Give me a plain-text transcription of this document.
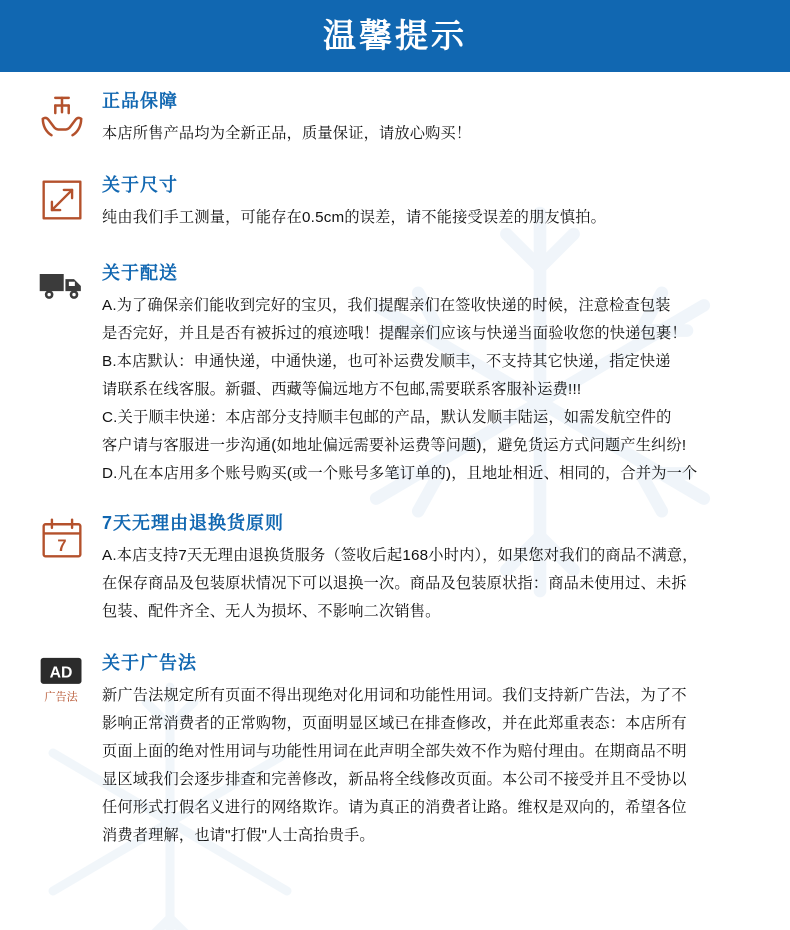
温馨提示
正品保障

本店所售产品均为全新正品，质量保证，请放心购买！

关于尺寸

纯由我们手工测量，可能存在0.5cm的误差，请不能接受误差的朋友慎拍。

关于配送

A.为了确保亲们能收到完好的宝贝，我们提醒亲们在签收快递的时候，注意检查包装

是否完好，并且是否有被拆过的痕迹哦！提醒亲们应该与快递当面验收您的快递包裹！

B.本店默认：申通快递，中通快递，也可补运费发顺丰，不支持其它快递，指定快递

请联系在线客服。新疆、西藏等偏远地方不包邮,需要联系客服补运费!!!

C.关于顺丰快递：本店部分支持顺丰包邮的产品，默认发顺丰陆运，如需发航空件的

客户请与客服进一步沟通(如地址偏远需要补运费等问题)，避免货运方式问题产生纠纷!

D.凡在本店用多个账号购买(或一个账号多笔订单的)，且地址相近、相同的，合并为一个

7
7天无理由退换货原则

A.本店支持7天无理由退换货服务（签收后起168小时内），如果您对我们的商品不满意，

在保存商品及包装原状情况下可以退换一次。商品及包装原状指：商品未使用过、未拆

包装、配件齐全、无人为损坏、不影响二次销售。

AD
广告法
关于广告法

新广告法规定所有页面不得出现绝对化用词和功能性用词。我们支持新广告法，为了不

影响正常消费者的正常购物，页面明显区域已在排查修改，并在此郑重表态：本店所有

页面上面的绝对性用词与功能性用词在此声明全部失效不作为赔付理由。在期商品不明

显区域我们会逐步排查和完善修改，新品将全线修改页面。本公司不接受并且不受协以

任何形式打假名义进行的网络欺诈。请为真正的消费者让路。维权是双向的，希望各位

消费者理解，也请"打假"人士高抬贵手。
